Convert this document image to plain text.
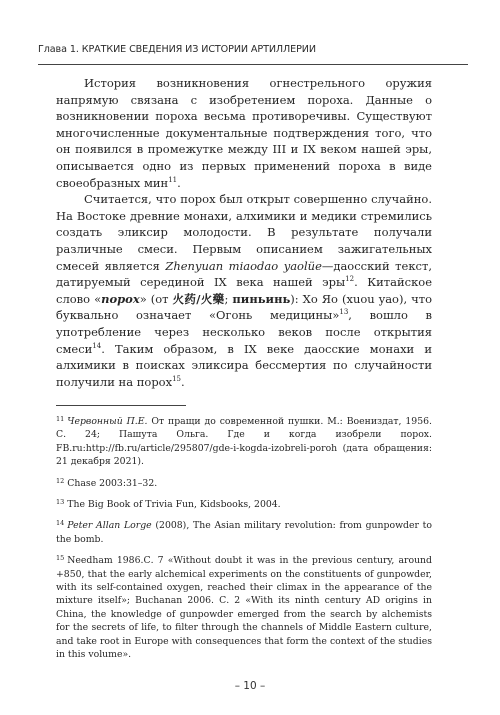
Глава 1. КРАТКИЕ СВЕДЕНИЯ ИЗ ИСТОРИИ АРТИЛЛЕРИИ

История возникновения огнестрельного оружия напрямую связана с изобретением пороха. Данные о возникновении пороха весьма противоречивы. Существуют многочисленные документальные подтверждения того, что он появился в промежутке между III и IX веком нашей эры, описывается одно из первых применений пороха в виде своеобразных мин$^{11}$.

Считается, что порох был открыт совершенно случайно. На Востоке древние монахи, алхимики и медики стремились создать эликсир молодости. В результате получали различные смеси. Первым описанием зажигательных смесей является Zhenyuan miaodao yaolüe—даосский текст, датируемый серединой IX века нашей эры$^{12}$. Китайское слово «порох» (от 火药/火藥; пиньинь): Хо Яо (xuou yao), что буквально означает «Огонь медицины»$^{13}$, вошло в употребление через несколько веков после открытия смеси$^{14}$. Таким образом, в IX веке даосские монахи и алхимики в поисках эликсира бессмертия по случайности получили на порох$^{15}$.

$^{11}$ Червонный П.Е. От пращи до современной пушки. М.: Воениздат, 1956. С. 24; Пашута Ольга. Где и когда изобрели порох. FB.ru:http://fb.ru/article/295807/gde-i-kogda-izobreli-poroh (дата обращения: 21 декабря 2021).
$^{12}$ Chase 2003:31–32.
$^{13}$ The Big Book of Trivia Fun, Kidsbooks, 2004.
$^{14}$ Peter Allan Lorge (2008), The Asian military revolution: from gunpowder to the bomb.
$^{15}$ Needham 1986.С. 7 «Without doubt it was in the previous century, around +850, that the early alchemical experiments on the constituents of gunpowder, with its self-contained oxygen, reached their climax in the appearance of the mixture itself»; Buchanan 2006. С. 2 «With its ninth century AD origins in China, the knowledge of gunpowder emerged from the search by alchemists for the secrets of life, to filter through the channels of Middle Eastern culture, and take root in Europe with consequences that form the context of the studies in this volume».
– 10 –
